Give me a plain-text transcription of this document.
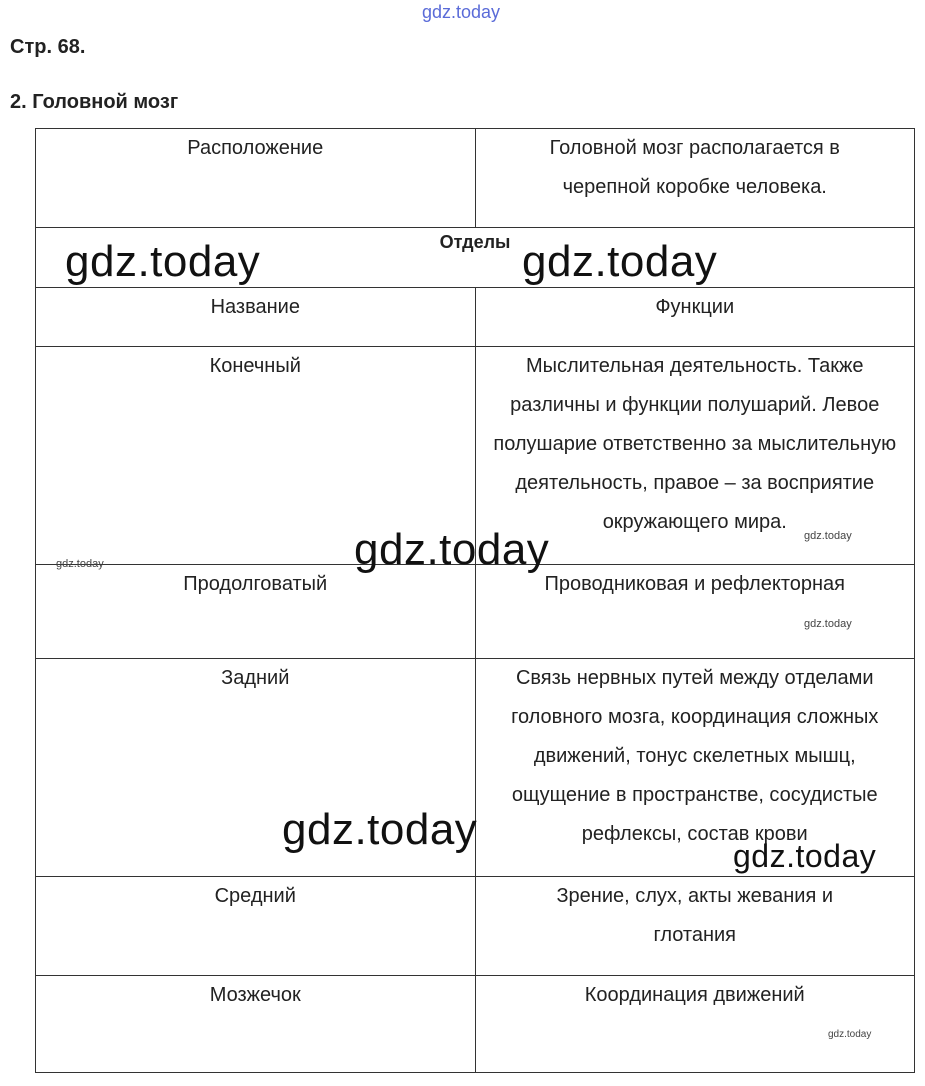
gdz.today
Стр. 68.
2. Головной мозг
Расположение	Головной мозг располагается в черепной коробке человека.
Отделы	
Название	Функции
Конечный	Мыслительная деятельность. Также различны и функции полушарий. Левое полушарие ответственно за мыслительную деятельность, правое – за восприятие окружающего мира.
Продолговатый	Проводниковая и рефлекторная
Задний	Связь нервных путей между отделами головного мозга, координация сложных движений, тонус скелетных мышц, ощущение в пространстве, сосудистые рефлексы, состав крови
Средний	Зрение, слух, акты жевания и глотания
Мозжечок	Координация движений
gdz.today	gdz.today
gdz.today
gdz.today
gdz.today
gdz.today
gdz.today
gdz.today
gdz.today
